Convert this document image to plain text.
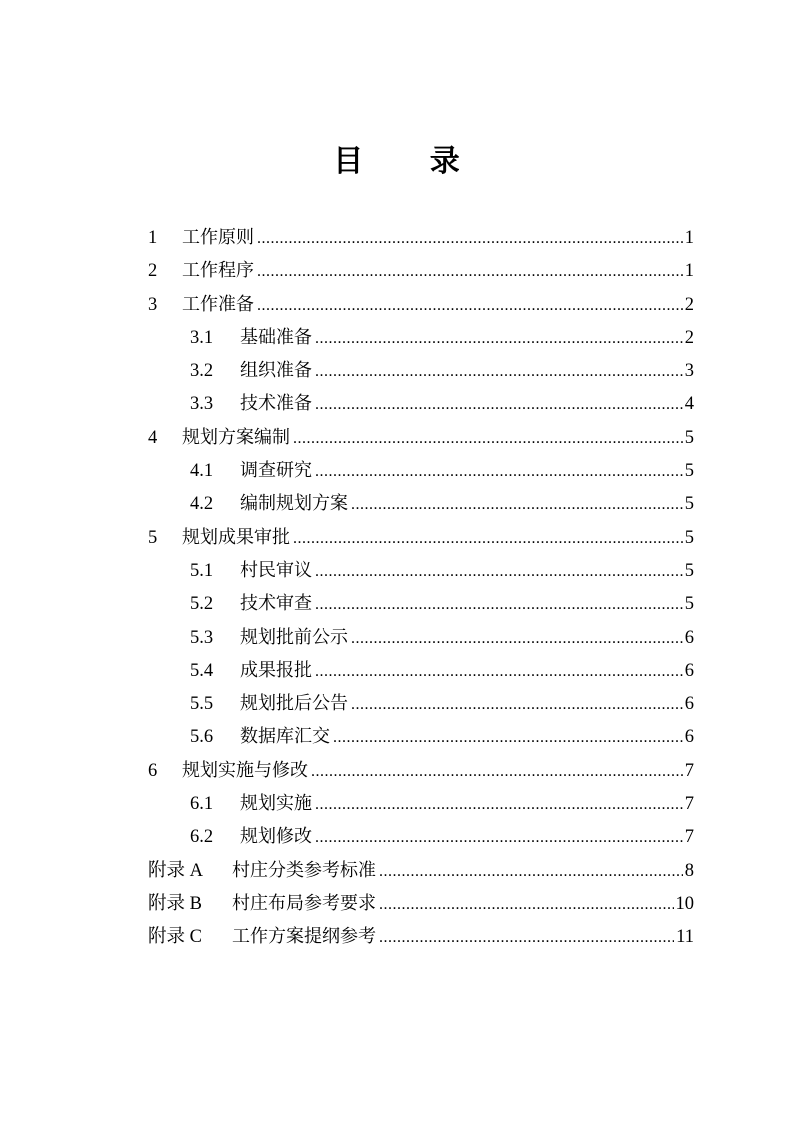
目 录
1	工作原则 .....	1
2	工作程序 .....	1
3	工作准备 .....	2
3.1	基础准备 .....	2
3.2	组织准备 .....	3
3.3	技术准备 .....	4
4	规划方案编制 .....	5
4.1	调查研究 .....	5
4.2	编制规划方案 .....	5
5	规划成果审批 .....	5
5.1	村民审议 .....	5
5.2	技术审查 .....	5
5.3	规划批前公示 .....	6
5.4	成果报批 .....	6
5.5	规划批后公告 .....	6
5.6	数据库汇交 .....	6
6	规划实施与修改 .....	7
6.1	规划实施 .....	7
6.2	规划修改 .....	7
附录 A	村庄分类参考标准 .....	8
附录 B	村庄布局参考要求 .....	10
附录 C	工作方案提纲参考 .....	11
